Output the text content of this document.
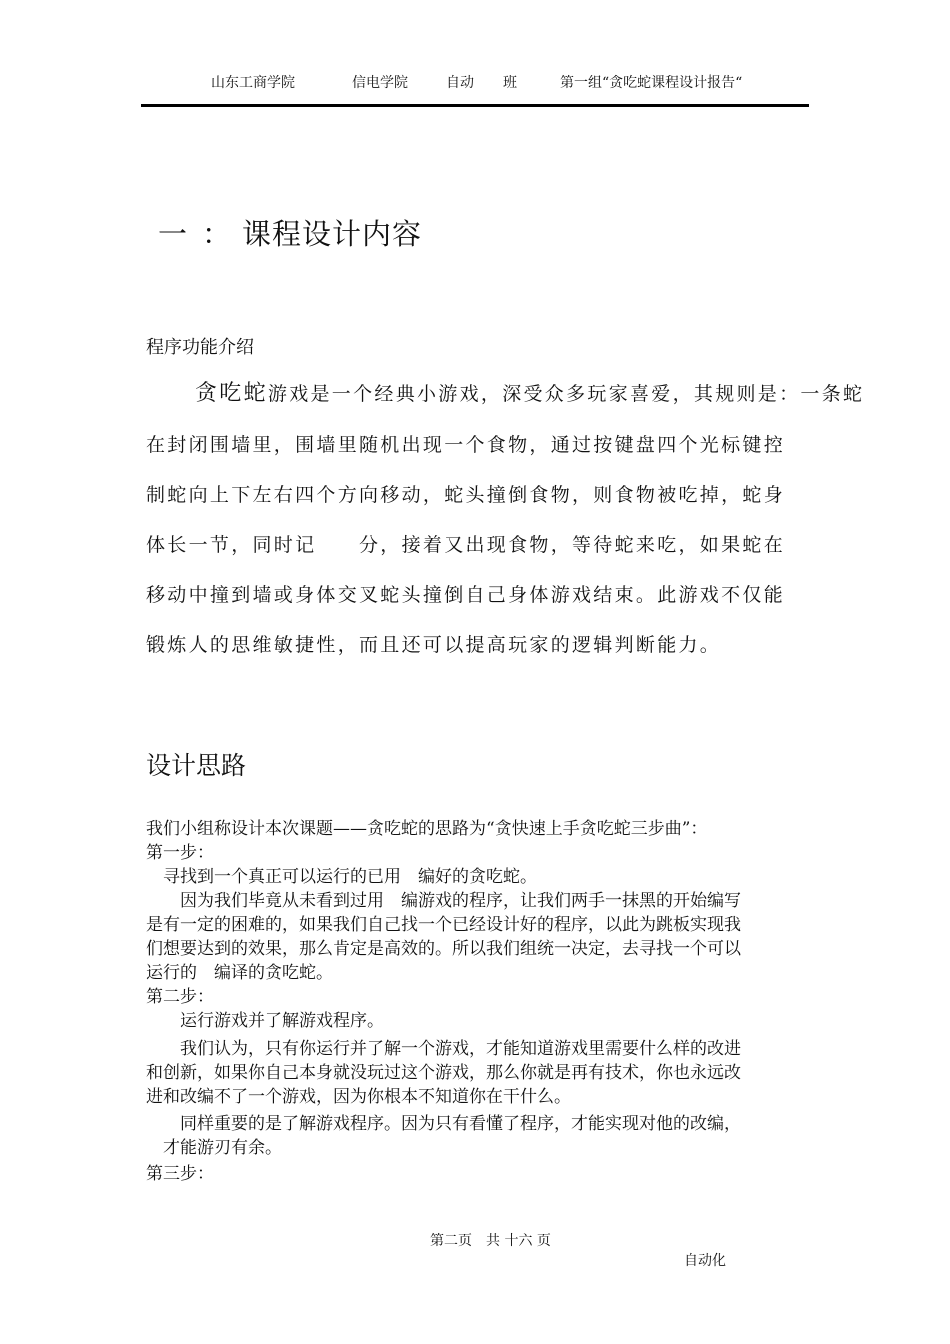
山东工商学院	信电学院	自动 班	第一组“贪吃蛇课程设计报告“
一 ： 课程设计内容
程序功能介绍
贪吃蛇游戏是一个经典小游戏，深受众多玩家喜爱，其规则是：一条蛇
在封闭围墙里，围墙里随机出现一个食物，通过按键盘四个光标键控
制蛇向上下左右四个方向移动，蛇头撞倒食物，则食物被吃掉，蛇身
体长一节，同时记　　分，接着又出现食物，等待蛇来吃，如果蛇在
移动中撞到墙或身体交叉蛇头撞倒自己身体游戏结束。此游戏不仅能
锻炼人的思维敏捷性，而且还可以提高玩家的逻辑判断能力。
设计思路
我们小组称设计本次课题——贪吃蛇的思路为“贪快速上手贪吃蛇三步曲”：
第一步：
　寻找到一个真正可以运行的已用　编好的贪吃蛇。
　　因为我们毕竟从未看到过用　编游戏的程序，让我们两手一抹黑的开始编写
是有一定的困难的，如果我们自己找一个已经设计好的程序，以此为跳板实现我
们想要达到的效果，那么肯定是高效的。所以我们组统一决定，去寻找一个可以
运行的　编译的贪吃蛇。
第二步：
　　运行游戏并了解游戏程序。
　　我们认为，只有你运行并了解一个游戏，才能知道游戏里需要什么样的改进
和创新，如果你自己本身就没玩过这个游戏，那么你就是再有技术，你也永远改
进和改编不了一个游戏，因为你根本不知道你在干什么。
　　同样重要的是了解游戏程序。因为只有看懂了程序，才能实现对他的改编，
　才能游刃有余。
第三步：
第二页　共 十六 页
自动化
